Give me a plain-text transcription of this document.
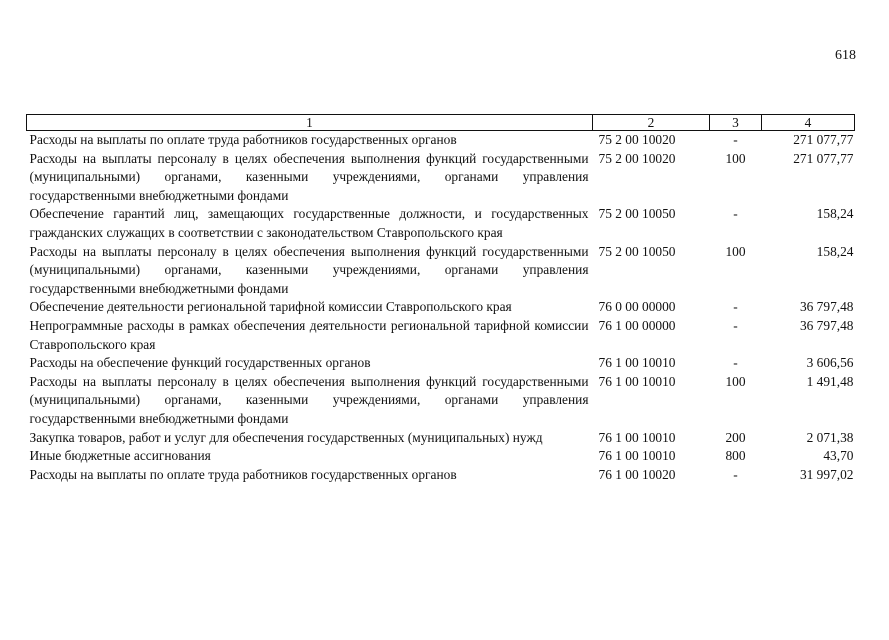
618
1	2	3	4
Расходы на выплаты по оплате труда работников государственных органов	75 2 00 10020	-	271 077,77
Расходы на выплаты персоналу в целях обеспечения выполнения функций государственными (муниципальными) органами, казенными учреждениями, органами управления государственными внебюджетными фондами	75 2 00 10020	100	271 077,77
Обеспечение гарантий лиц, замещающих государственные должности, и государственных гражданских служащих в соответствии с законодательством Ставропольского края	75 2 00 10050	-	158,24
Расходы на выплаты персоналу в целях обеспечения выполнения функций государственными (муниципальными) органами, казенными учреждениями, органами управления государственными внебюджетными фондами	75 2 00 10050	100	158,24
Обеспечение деятельности региональной тарифной комиссии Ставропольского края	76 0 00 00000	-	36 797,48
Непрограммные расходы в рамках обеспечения деятельности региональной тарифной комиссии Ставропольского края	76 1 00 00000	-	36 797,48
Расходы на обеспечение функций государственных органов	76 1 00 10010	-	3 606,56
Расходы на выплаты персоналу в целях обеспечения выполнения функций государственными (муниципальными) органами, казенными учреждениями, органами управления государственными внебюджетными фондами	76 1 00 10010	100	1 491,48
Закупка товаров, работ и услуг для обеспечения государственных (муниципальных) нужд	76 1 00 10010	200	2 071,38
Иные бюджетные ассигнования	76 1 00 10010	800	43,70
Расходы на выплаты по оплате труда работников государственных органов	76 1 00 10020	-	31 997,02
